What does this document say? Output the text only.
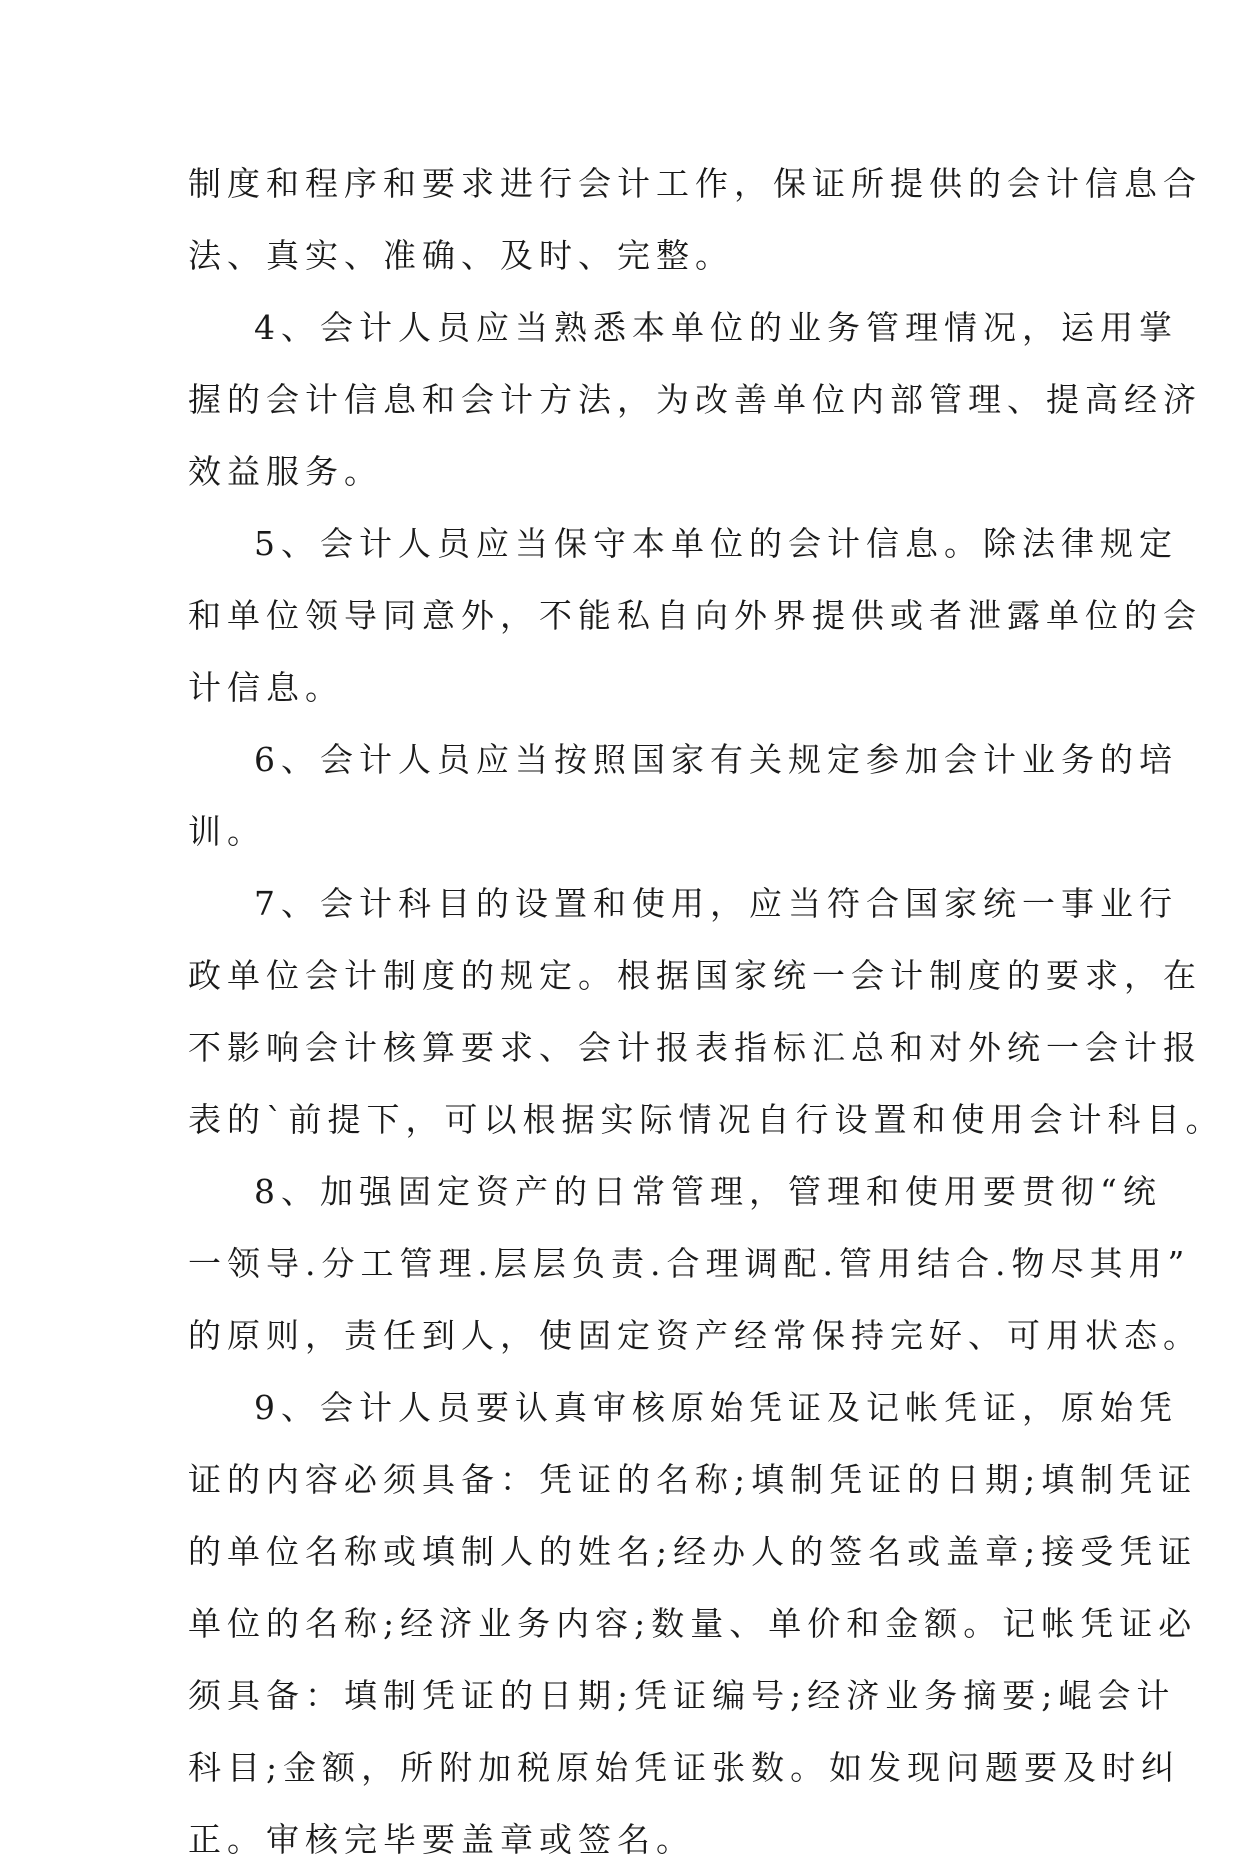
制度和程序和要求进行会计工作，保证所提供的会计信息合
法、真实、准确、及时、完整。
4、会计人员应当熟悉本单位的业务管理情况，运用掌
握的会计信息和会计方法，为改善单位内部管理、提高经济
效益服务。
5、会计人员应当保守本单位的会计信息。除法律规定
和单位领导同意外，不能私自向外界提供或者泄露单位的会
计信息。
6、会计人员应当按照国家有关规定参加会计业务的培
训。
7、会计科目的设置和使用，应当符合国家统一事业行
政单位会计制度的规定。根据国家统一会计制度的要求，在
不影响会计核算要求、会计报表指标汇总和对外统一会计报
表的`前提下，可以根据实际情况自行设置和使用会计科目。
8、加强固定资产的日常管理，管理和使用要贯彻“统
一领导.分工管理.层层负责.合理调配.管用结合.物尽其用”
的原则，责任到人，使固定资产经常保持完好、可用状态。
9、会计人员要认真审核原始凭证及记帐凭证，原始凭
证的内容必须具备：凭证的名称;填制凭证的日期;填制凭证
的单位名称或填制人的姓名;经办人的签名或盖章;接受凭证
单位的名称;经济业务内容;数量、单价和金额。记帐凭证必
须具备：填制凭证的日期;凭证编号;经济业务摘要;崐会计
科目;金额，所附加税原始凭证张数。如发现问题要及时纠
正。审核完毕要盖章或签名。
